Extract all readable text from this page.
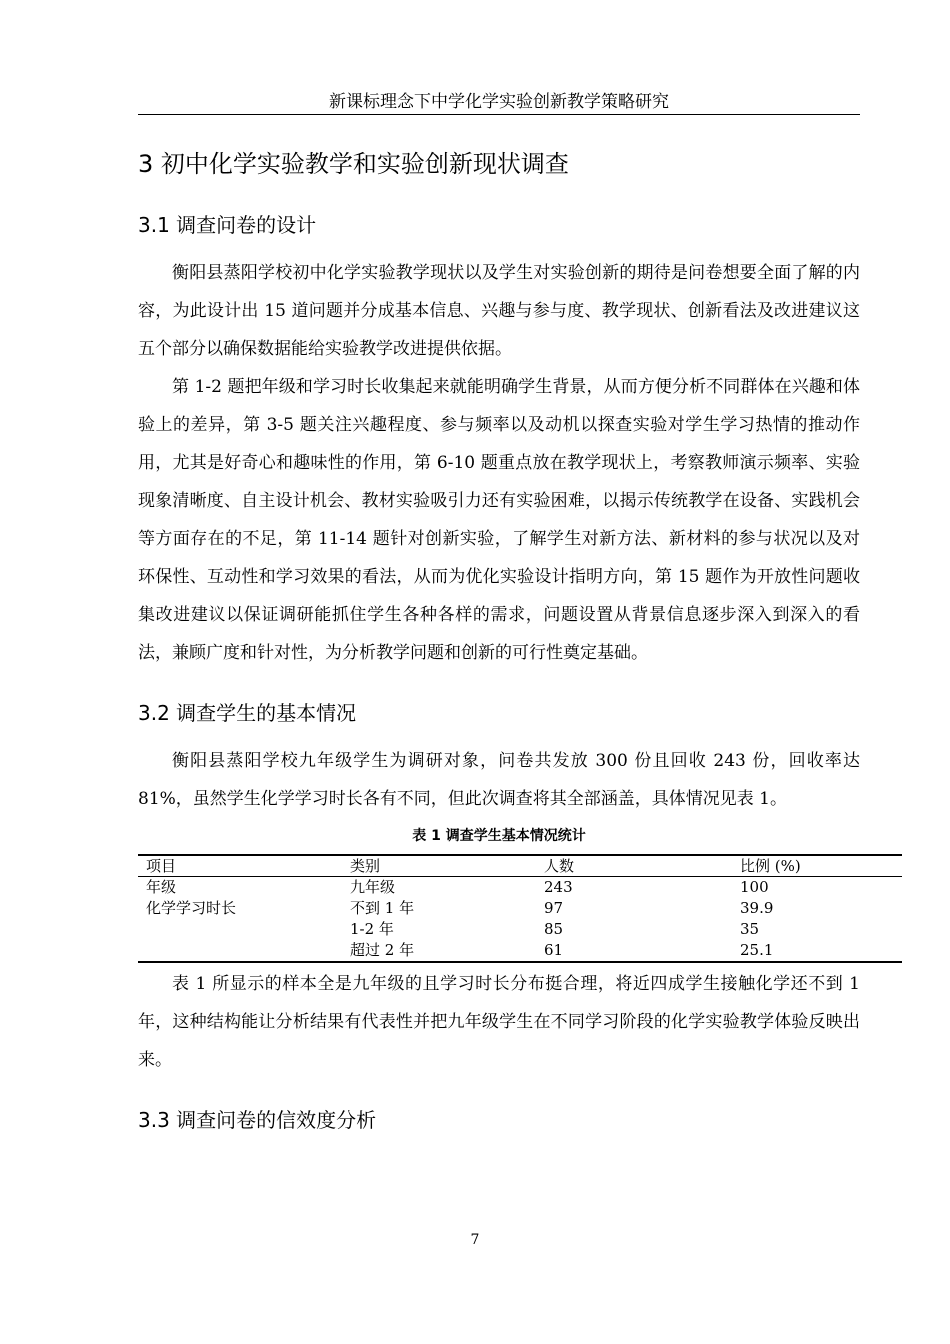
新课标理念下中学化学实验创新教学策略研究
3 初中化学实验教学和实验创新现状调查
3.1 调查问卷的设计

衡阳县蒸阳学校初中化学实验教学现状以及学生对实验创新的期待是问卷想要全面了解的内容，为此设计出 15 道问题并分成基本信息、兴趣与参与度、教学现状、创新看法及改进建议这五个部分以确保数据能给实验教学改进提供依据。

第 1-2 题把年级和学习时长收集起来就能明确学生背景，从而方便分析不同群体在兴趣和体验上的差异，第 3-5 题关注兴趣程度、参与频率以及动机以探查实验对学生学习热情的推动作用，尤其是好奇心和趣味性的作用，第 6-10 题重点放在教学现状上，考察教师演示频率、实验现象清晰度、自主设计机会、教材实验吸引力还有实验困难，以揭示传统教学在设备、实践机会等方面存在的不足，第 11-14 题针对创新实验，了解学生对新方法、新材料的参与状况以及对环保性、互动性和学习效果的看法，从而为优化实验设计指明方向，第 15 题作为开放性问题收集改进建议以保证调研能抓住学生各种各样的需求，问题设置从背景信息逐步深入到深入的看法，兼顾广度和针对性，为分析教学问题和创新的可行性奠定基础。

3.2 调查学生的基本情况

衡阳县蒸阳学校九年级学生为调研对象，问卷共发放 300 份且回收 243 份，回收率达 81%，虽然学生化学学习时长各有不同，但此次调查将其全部涵盖，具体情况见表 1。

表 1 调查学生基本情况统计
项目	类别	人数	比例 (%)
年级	九年级	243	100
化学学习时长	不到 1 年	97	39.9
	1-2 年	85	35
	超过 2 年	61	25.1

表 1 所显示的样本全是九年级的且学习时长分布挺合理，将近四成学生接触化学还不到 1 年，这种结构能让分析结果有代表性并把九年级学生在不同学习阶段的化学实验教学体验反映出来。

3.3 调查问卷的信效度分析
7
